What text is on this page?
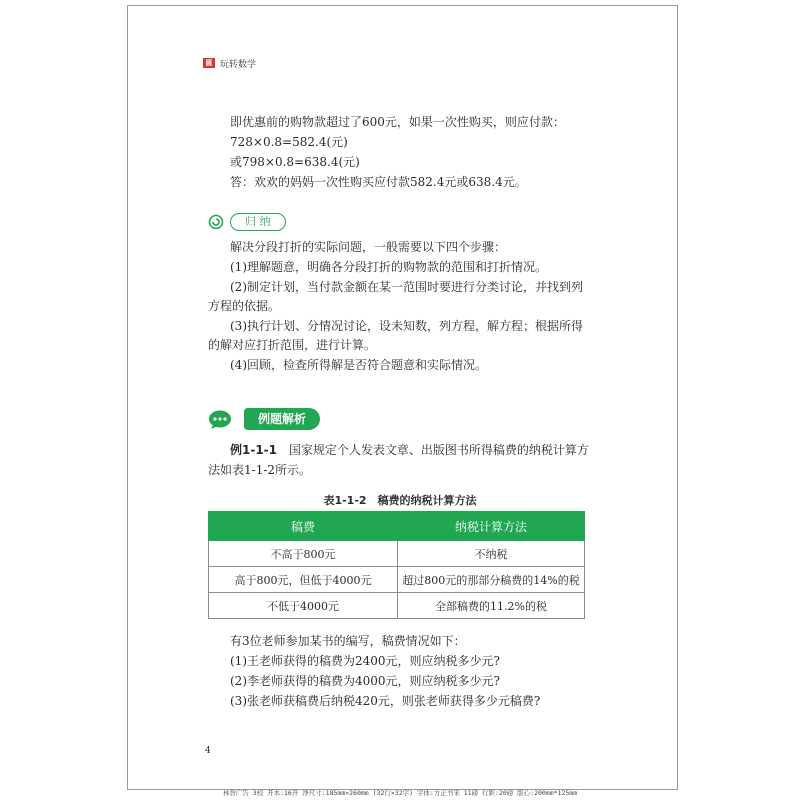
匾 玩转数学
即优惠前的购物款超过了600元，如果一次性购买，则应付款：
728×0.8=582.4(元)
或798×0.8=638.4(元)
答：欢欢的妈妈一次性购买应付款582.4元或638.4元。
归 纳
解决分段打折的实际问题，一般需要以下四个步骤：
(1)理解题意，明确各分段打折的购物款的范围和打折情况。
(2)制定计划，当付款金额在某一范围时要进行分类讨论，并找到列
方程的依据。
(3)执行计划、分情况讨论，设未知数，列方程，解方程；根据所得
的解对应打折范围，进行计算。
(4)回顾，检查所得解是否符合题意和实际情况。
例题解析
例1-1-1 国家规定个人发表文章、出版图书所得稿费的纳税计算方
法如表1-1-2所示。
表1-1-2　稿费的纳税计算方法
稿费	纳税计算方法
不高于800元	不纳税
高于800元，但低于4000元	超过800元的那部分稿费的14%的税
不低于4000元	全部稿费的11.2%的税
有3位老师参加某书的编写，稿费情况如下：
(1)王老师获得的稿费为2400元，则应纳税多少元?
(2)李老师获得的稿费为4000元，则应纳税多少元?
(3)张老师获稿费后纳税420元，则张老师获得多少元稿费?
4
林智广告 3校 开本:16开 净尺寸:185mm×260mm (32行×32字) 字体:方正书宋 11磅 行距:20磅 版心:200mm*125mm
